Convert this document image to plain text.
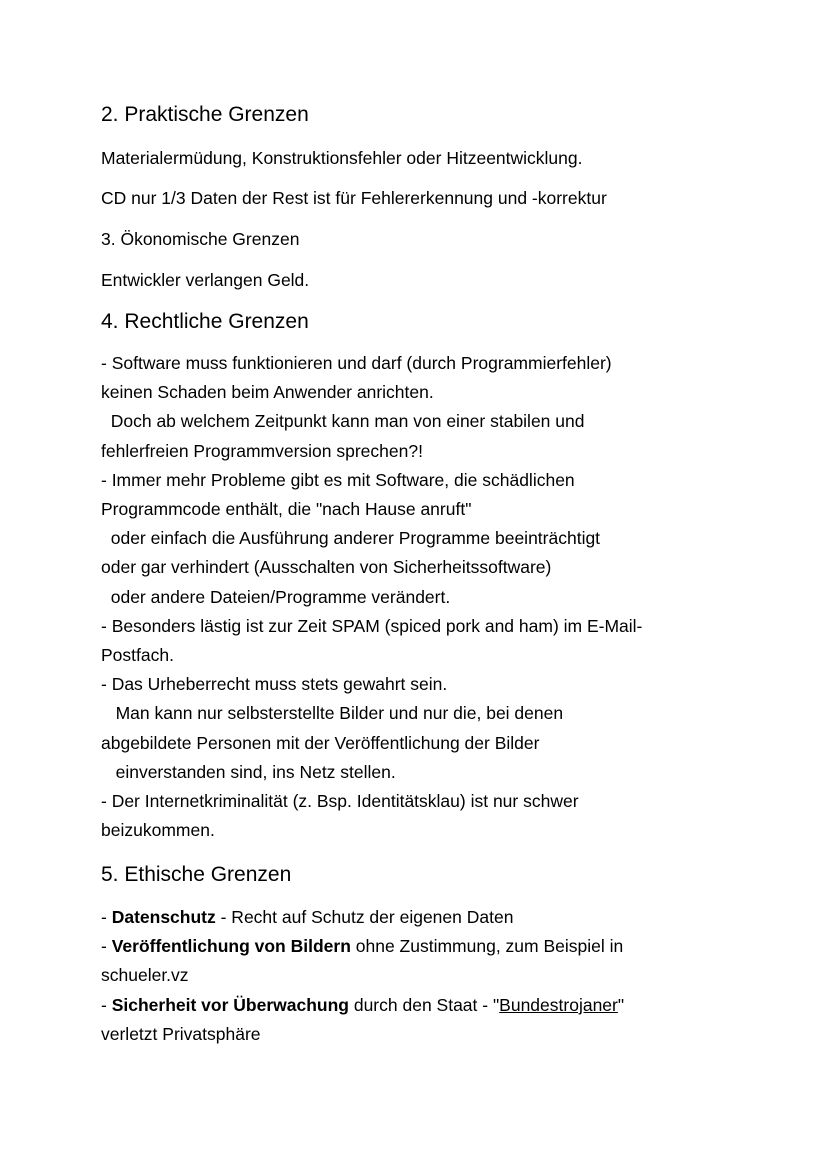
2. Praktische Grenzen
Materialermüdung, Konstruktionsfehler oder Hitzeentwicklung.
CD nur 1/3 Daten der Rest ist für Fehlererkennung und -korrektur
3. Ökonomische Grenzen
Entwickler verlangen Geld.
4. Rechtliche Grenzen
- Software muss funktionieren und darf (durch Programmierfehler)
keinen Schaden beim Anwender anrichten.
Doch ab welchem Zeitpunkt kann man von einer stabilen und
fehlerfreien Programmversion sprechen?!
- Immer mehr Probleme gibt es mit Software, die schädlichen
Programmcode enthält, die "nach Hause anruft"
oder einfach die Ausführung anderer Programme beeinträchtigt
oder gar verhindert (Ausschalten von Sicherheitssoftware)
oder andere Dateien/Programme verändert.
- Besonders lästig ist zur Zeit SPAM (spiced pork and ham) im E-Mail-
Postfach.
- Das Urheberrecht muss stets gewahrt sein.
Man kann nur selbsterstellte Bilder und nur die, bei denen
abgebildete Personen mit der Veröffentlichung der Bilder
einverstanden sind, ins Netz stellen.
- Der Internetkriminalität (z. Bsp. Identitätsklau) ist nur schwer
beizukommen.
5. Ethische Grenzen
- Datenschutz - Recht auf Schutz der eigenen Daten
- Veröffentlichung von Bildern ohne Zustimmung, zum Beispiel in
schueler.vz
- Sicherheit vor Überwachung durch den Staat - "Bundestrojaner"
verletzt Privatsphäre
